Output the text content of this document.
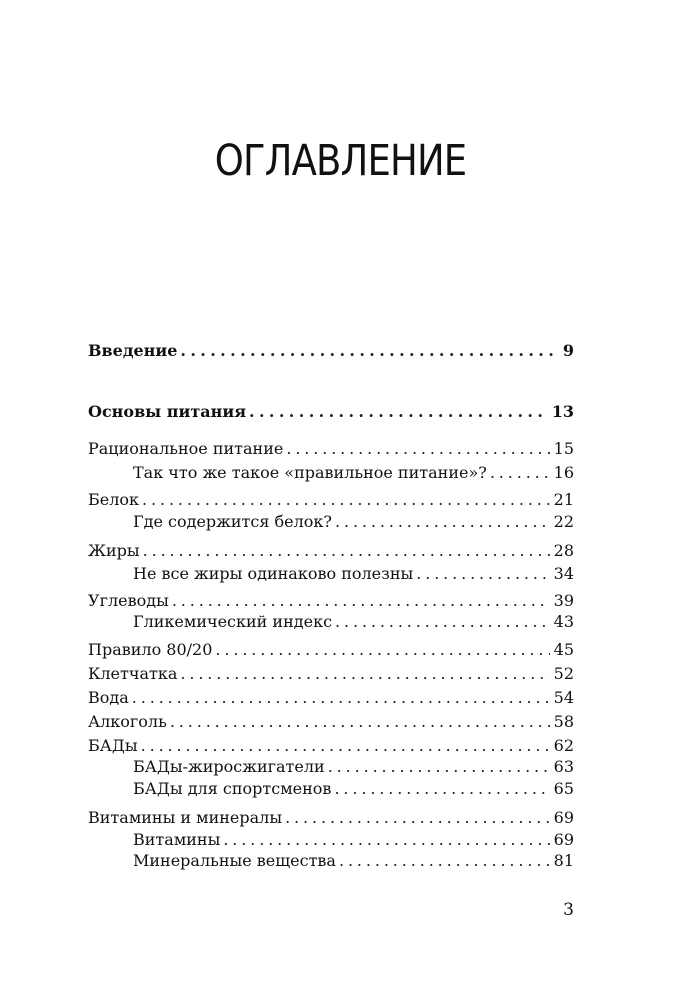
ОГЛАВЛЕНИЕ
Введение . . .	9
Основы питания . . .	13
Рациональное питание . . .	15
Так что же такое «правильное питание»? . . .	16
Белок . . .	21
Где содержится белок? . . .	22
Жиры . . .	28
Не все жиры одинаково полезны . . .	34
Углеводы . . .	39
Гликемический индекс . . .	43
Правило 80/20 . . .	45
Клетчатка . . .	52
Вода . . .	54
Алкоголь . . .	58
БАДы . . .	62
БАДы-жиросжигатели . . .	63
БАДы для спортсменов . . .	65
Витамины и минералы . . .	69
Витамины . . .	69
Минеральные вещества . . .	81
3
